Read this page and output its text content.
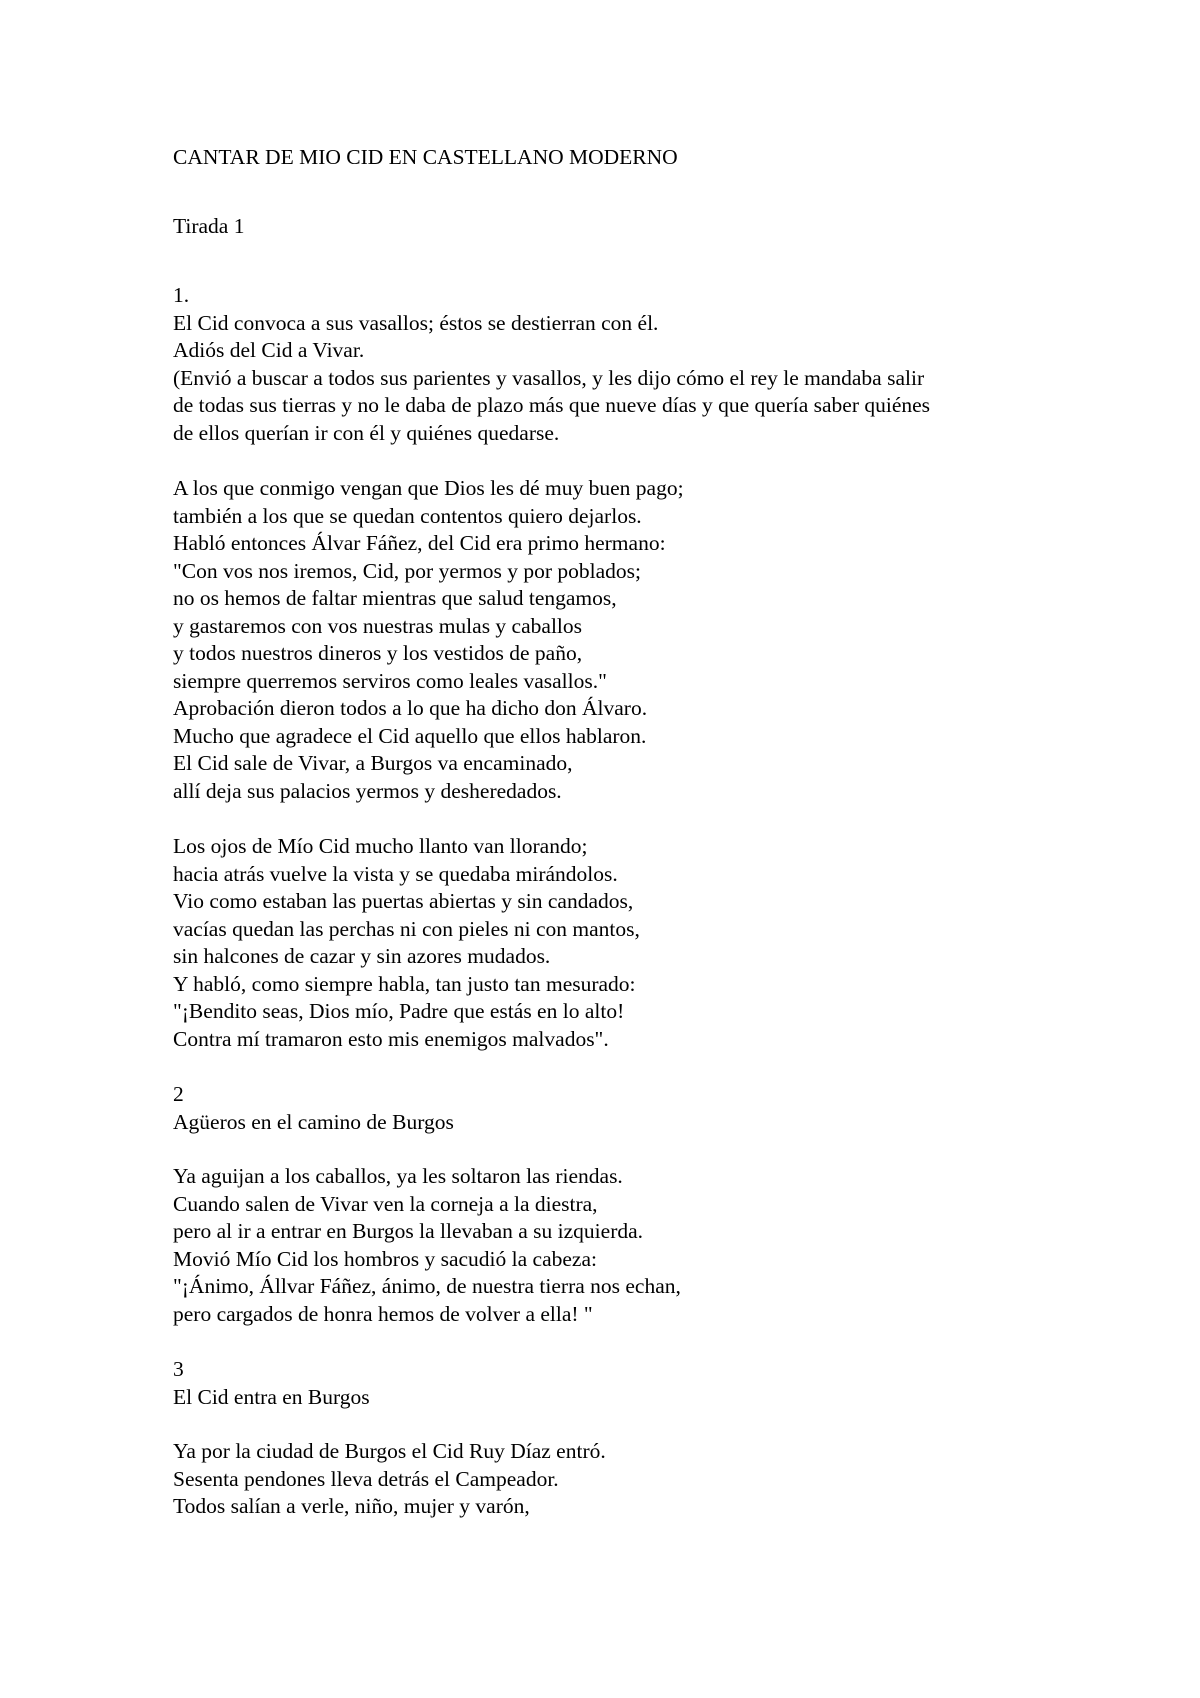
CANTAR DE MIO CID EN CASTELLANO MODERNO
Tirada 1
1.
El Cid convoca a sus vasallos; éstos se destierran con él.
Adiós del Cid a Vivar.
(Envió a buscar a todos sus parientes y vasallos, y les dijo cómo el rey le mandaba salir
de todas sus tierras y no le daba de plazo más que nueve días y que quería saber quiénes
de ellos querían ir con él y quiénes quedarse.
A los que conmigo vengan que Dios les dé muy buen pago;
también a los que se quedan contentos quiero dejarlos.
Habló entonces Álvar Fáñez, del Cid era primo hermano:
"Con vos nos iremos, Cid, por yermos y por poblados;
no os hemos de faltar mientras que salud tengamos,
y gastaremos con vos nuestras mulas y caballos
y todos nuestros dineros y los vestidos de paño,
siempre querremos serviros como leales vasallos."
Aprobación dieron todos a lo que ha dicho don Álvaro.
Mucho que agradece el Cid aquello que ellos hablaron.
El Cid sale de Vivar, a Burgos va encaminado,
allí deja sus palacios yermos y desheredados.
Los ojos de Mío Cid mucho llanto van llorando;
hacia atrás vuelve la vista y se quedaba mirándolos.
Vio como estaban las puertas abiertas y sin candados,
vacías quedan las perchas ni con pieles ni con mantos,
sin halcones de cazar y sin azores mudados.
Y habló, como siempre habla, tan justo tan mesurado:
"¡Bendito seas, Dios mío, Padre que estás en lo alto!
Contra mí tramaron esto mis enemigos malvados".
2
Agüeros en el camino de Burgos
Ya aguijan a los caballos, ya les soltaron las riendas.
Cuando salen de Vivar ven la corneja a la diestra,
pero al ir a entrar en Burgos la llevaban a su izquierda.
Movió Mío Cid los hombros y sacudió la cabeza:
"¡Ánimo, Állvar Fáñez, ánimo, de nuestra tierra nos echan,
pero cargados de honra hemos de volver a ella! "
3
El Cid entra en Burgos
Ya por la ciudad de Burgos el Cid Ruy Díaz entró.
Sesenta pendones lleva detrás el Campeador.
Todos salían a verle, niño, mujer y varón,
